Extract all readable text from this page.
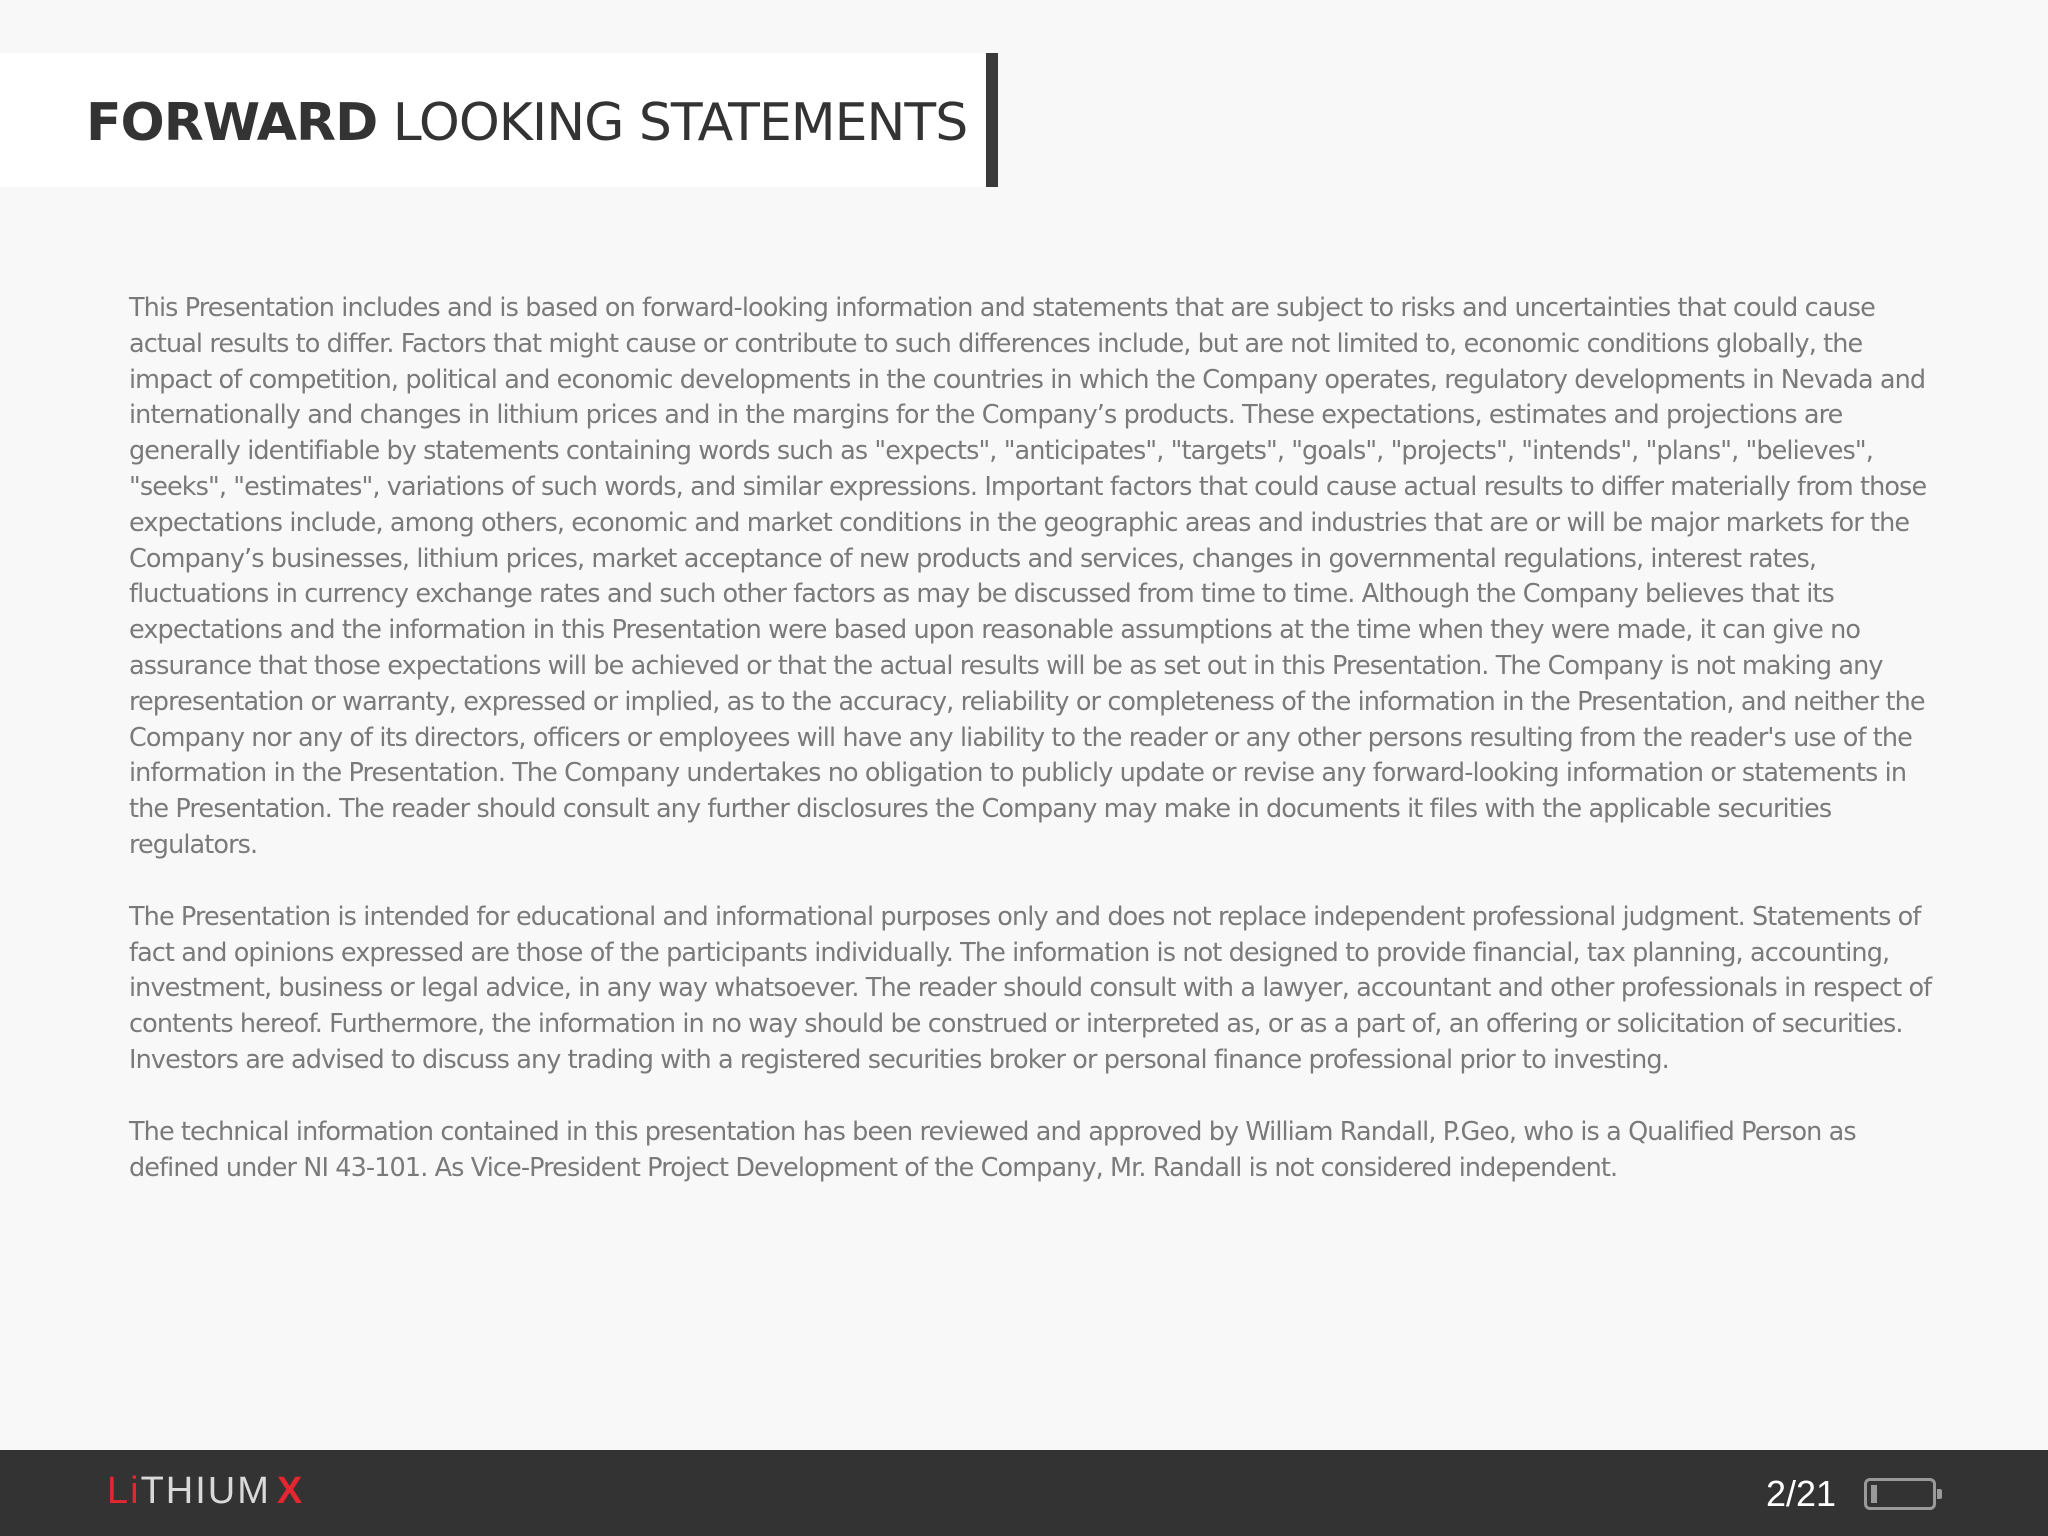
FORWARD LOOKING STATEMENTS

This Presentation includes and is based on forward-looking information and statements that are subject to risks and uncertainties that could cause actual results to differ. Factors that might cause or contribute to such differences include, but are not limited to, economic conditions globally, the impact of competition, political and economic developments in the countries in which the Company operates, regulatory developments in Nevada and internationally and changes in lithium prices and in the margins for the Company’s products. These expectations, estimates and projections are generally identifiable by statements containing words such as "expects", "anticipates", "targets", "goals", "projects", "intends", "plans", "believes", "seeks", "estimates", variations of such words, and similar expressions. Important factors that could cause actual results to differ materially from those expectations include, among others, economic and market conditions in the geographic areas and industries that are or will be major markets for the Company’s businesses, lithium prices, market acceptance of new products and services, changes in governmental regulations, interest rates, fluctuations in currency exchange rates and such other factors as may be discussed from time to time. Although the Company believes that its expectations and the information in this Presentation were based upon reasonable assumptions at the time when they were made, it can give no assurance that those expectations will be achieved or that the actual results will be as set out in this Presentation. The Company is not making any representation or warranty, expressed or implied, as to the accuracy, reliability or completeness of the information in the Presentation, and neither the Company nor any of its directors, officers or employees will have any liability to the reader or any other persons resulting from the reader's use of the information in the Presentation. The Company undertakes no obligation to publicly update or revise any forward-looking information or statements in the Presentation. The reader should consult any further disclosures the Company may make in documents it files with the applicable securities regulators.

The Presentation is intended for educational and informational purposes only and does not replace independent professional judgment. Statements of fact and opinions expressed are those of the participants individually. The information is not designed to provide financial, tax planning, accounting, investment, business or legal advice, in any way whatsoever. The reader should consult with a lawyer, accountant and other professionals in respect of contents hereof. Furthermore, the information in no way should be construed or interpreted as, or as a part of, an offering or solicitation of securities. Investors are advised to discuss any trading with a registered securities broker or personal finance professional prior to investing.

The technical information contained in this presentation has been reviewed and approved by William Randall, P.Geo, who is a Qualified Person as defined under NI 43-101. As Vice-President Project Development of the Company, Mr. Randall is not considered independent.

LiTHIUM X	2/21
